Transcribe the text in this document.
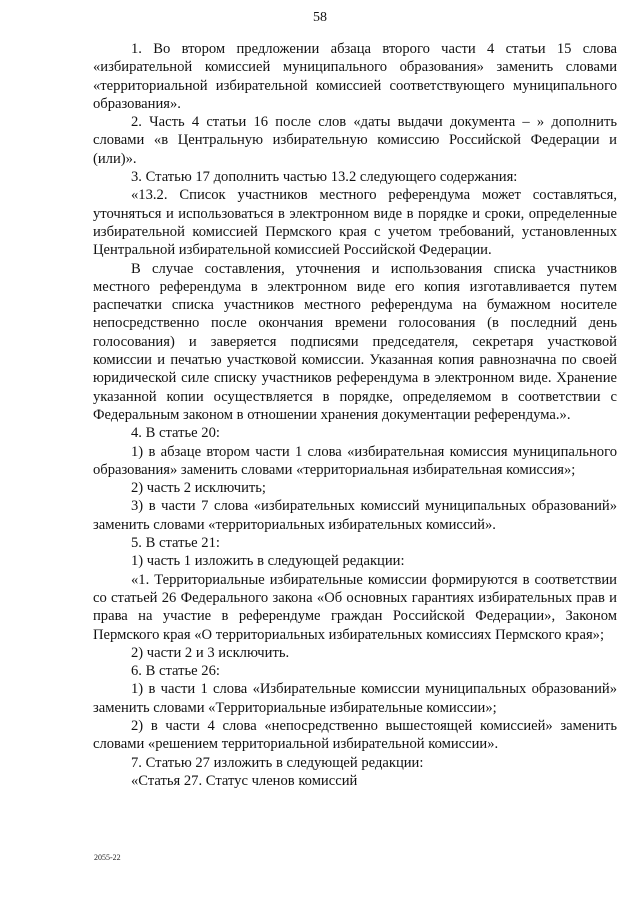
58

1. Во втором предложении абзаца второго части 4 статьи 15 слова «избирательной комиссией муниципального образования» заменить словами «территориальной избирательной комиссией соответствующего муниципального образования».

2. Часть 4 статьи 16 после слов «даты выдачи документа – » дополнить словами «в Центральную избирательную комиссию Российской Федерации и (или)».

3. Статью 17 дополнить частью 13.2 следующего содержания:

«13.2. Список участников местного референдума может составляться, уточняться и использоваться в электронном виде в порядке и сроки, определенные избирательной комиссией Пермского края с учетом требований, установленных Центральной избирательной комиссией Российской Федерации.

В случае составления, уточнения и использования списка участников местного референдума в электронном виде его копия изготавливается путем распечатки списка участников местного референдума на бумажном носителе непосредственно после окончания времени голосования (в последний день голосования) и заверяется подписями председателя, секретаря участковой комиссии и печатью участковой комиссии. Указанная копия равнозначна по своей юридической силе списку участников референдума в электронном виде. Хранение указанной копии осуществляется в порядке, определяемом в соответствии с Федеральным законом в отношении хранения документации референдума.».

4. В статье 20:

1) в абзаце втором части 1 слова «избирательная комиссия муниципального образования» заменить словами «территориальная избирательная комиссия»;

2) часть 2 исключить;

3) в части 7 слова «избирательных комиссий муниципальных образований» заменить словами «территориальных избирательных комиссий».

5. В статье 21:

1) часть 1 изложить в следующей редакции:

«1. Территориальные избирательные комиссии формируются в соответствии со статьей 26 Федерального закона «Об основных гарантиях избирательных прав и права на участие в референдуме граждан Российской Федерации», Законом Пермского края «О территориальных избирательных комиссиях Пермского края»;

2) части 2 и 3 исключить.

6. В статье 26:

1) в части 1 слова «Избирательные комиссии муниципальных образований» заменить словами «Территориальные избирательные комиссии»;

2) в части 4 слова «непосредственно вышестоящей комиссией» заменить словами «решением территориальной избирательной комиссии».

7. Статью 27 изложить в следующей редакции:

«Статья 27. Статус членов комиссий

2055-22
